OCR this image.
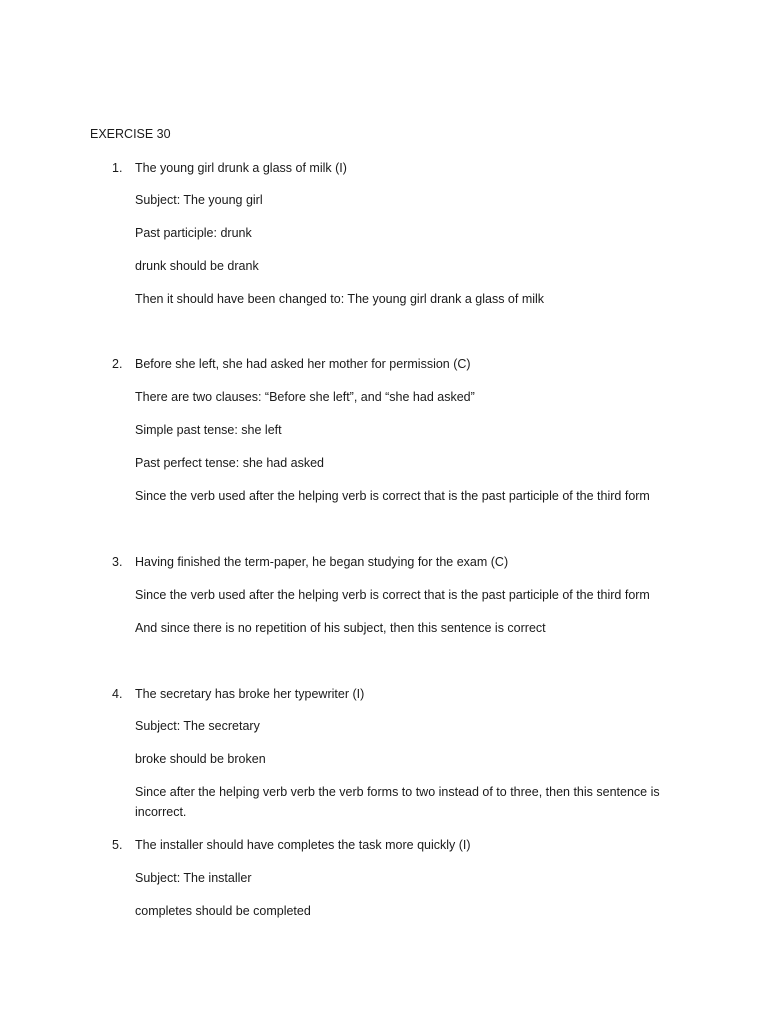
EXERCISE 30
1. The young girl drunk a glass of milk (I)
Subject: The young girl
Past participle: drunk
drunk should be drank
Then it should have been changed to: The young girl drank a glass of milk
2. Before she left, she had asked her mother for permission (C)
There are two clauses: “Before she left”, and “she had asked”
Simple past tense: she left
Past perfect tense: she had asked
Since the verb used after the helping verb is correct that is the past participle of the third form
3. Having finished the term-paper, he began studying for the exam (C)
Since the verb used after the helping verb is correct that is the past participle of the third form
And since there is no repetition of his subject, then this sentence is correct
4. The secretary has broke her typewriter (I)
Subject: The secretary
broke should be broken
Since after the helping verb verb the verb forms to two instead of to three, then this sentence is incorrect.
5. The installer should have completes the task more quickly (I)
Subject: The installer
completes should be completed
